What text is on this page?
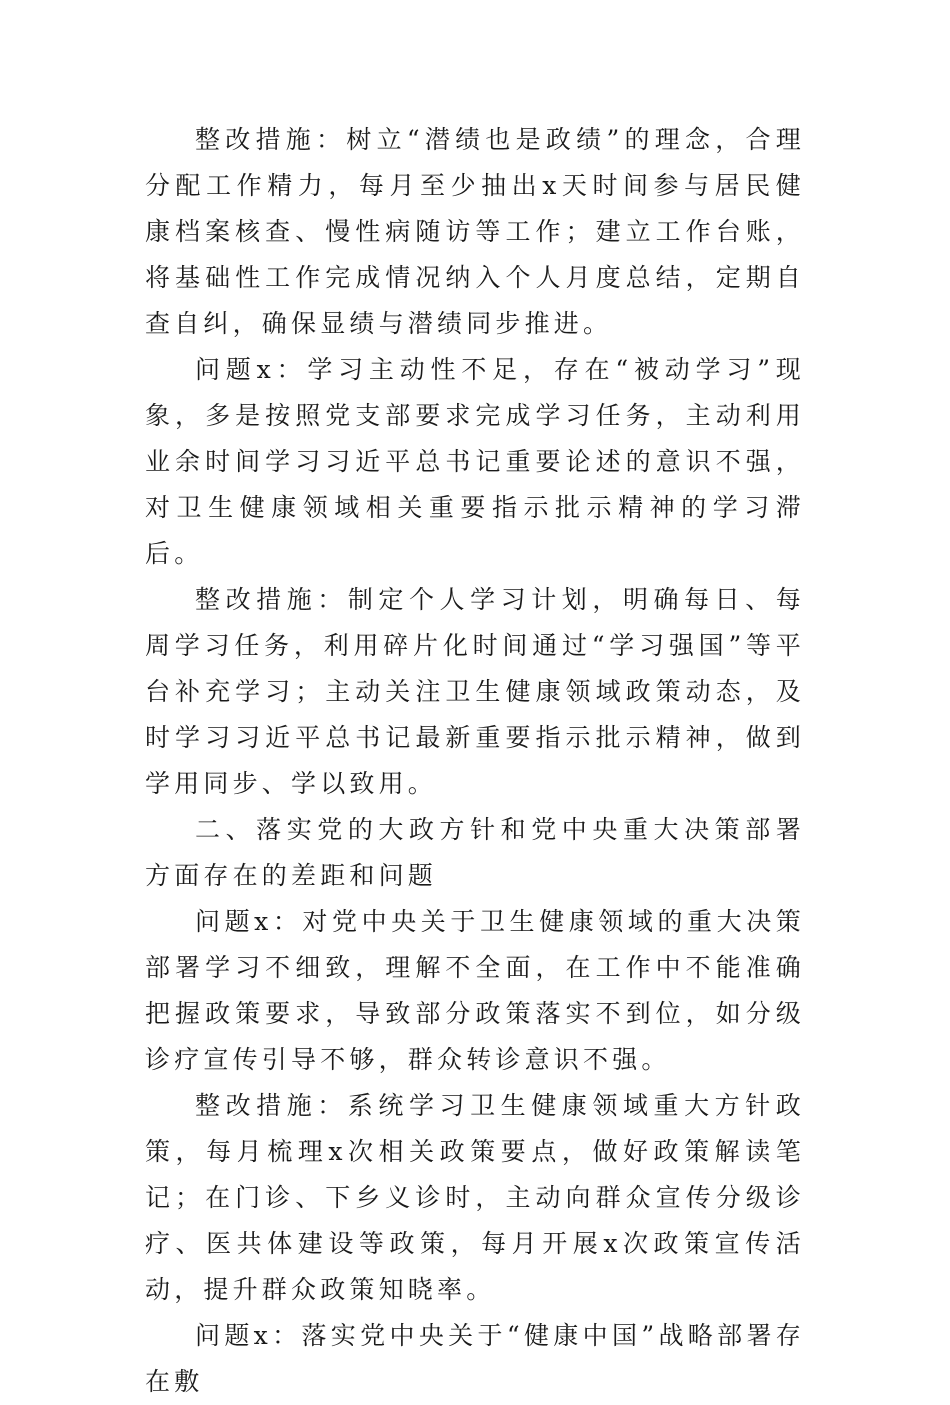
整改措施：树立“潜绩也是政绩”的理念，合理分配工作精力，每月至少抽出x天时间参与居民健康档案核查、慢性病随访等工作；建立工作台账，将基础性工作完成情况纳入个人月度总结，定期自查自纠，确保显绩与潜绩同步推进。

问题x：学习主动性不足，存在“被动学习”现象，多是按照党支部要求完成学习任务，主动利用业余时间学习习近平总书记重要论述的意识不强，对卫生健康领域相关重要指示批示精神的学习滞后。

整改措施：制定个人学习计划，明确每日、每周学习任务，利用碎片化时间通过“学习强国”等平台补充学习；主动关注卫生健康领域政策动态，及时学习习近平总书记最新重要指示批示精神，做到学用同步、学以致用。

二、落实党的大政方针和党中央重大决策部署方面存在的差距和问题

问题x：对党中央关于卫生健康领域的重大决策部署学习不细致，理解不全面，在工作中不能准确把握政策要求，导致部分政策落实不到位，如分级诊疗宣传引导不够，群众转诊意识不强。

整改措施：系统学习卫生健康领域重大方针政策，每月梳理x次相关政策要点，做好政策解读笔记；在门诊、下乡义诊时，主动向群众宣传分级诊疗、医共体建设等政策，每月开展x次政策宣传活动，提升群众政策知晓率。

问题x：落实党中央关于“健康中国”战略部署存在敷
